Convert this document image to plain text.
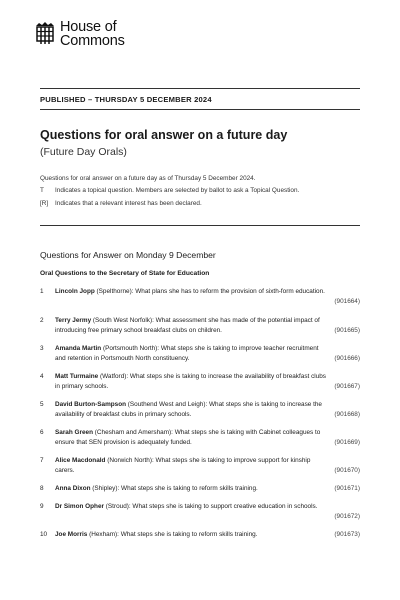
House of
Commons
PUBLISHED – THURSDAY 5 DECEMBER 2024
Questions for oral answer on a future day
(Future Day Orals)
Questions for oral answer on a future day as of Thursday 5 December 2024.
T Indicates a topical question. Members are selected by ballot to ask a Topical Question.
[R] Indicates that a relevant interest has been declared.
Questions for Answer on Monday 9 December
Oral Questions to the Secretary of State for Education
1 Lincoln Jopp (Spelthorne): What plans she has to reform the provision of sixth-form education.
(901664)
2 Terry Jermy (South West Norfolk): What assessment she has made of the potential impact of introducing free primary school breakfast clubs on children.	(901665)
3 Amanda Martin (Portsmouth North): What steps she is taking to improve teacher recruitment and retention in Portsmouth North constituency.	(901666)
4 Matt Turmaine (Watford): What steps she is taking to increase the availability of breakfast clubs in primary schools.	(901667)
5 David Burton-Sampson (Southend West and Leigh): What steps she is taking to increase the availability of breakfast clubs in primary schools.	(901668)
6 Sarah Green (Chesham and Amersham): What steps she is taking with Cabinet colleagues to ensure that SEN provision is adequately funded.	(901669)
7 Alice Macdonald (Norwich North): What steps she is taking to improve support for kinship carers.	(901670)
8 Anna Dixon (Shipley): What steps she is taking to reform skills training.	(901671)
9 Dr Simon Opher (Stroud): What steps she is taking to support creative education in schools.
(901672)
10 Joe Morris (Hexham): What steps she is taking to reform skills training.	(901673)
